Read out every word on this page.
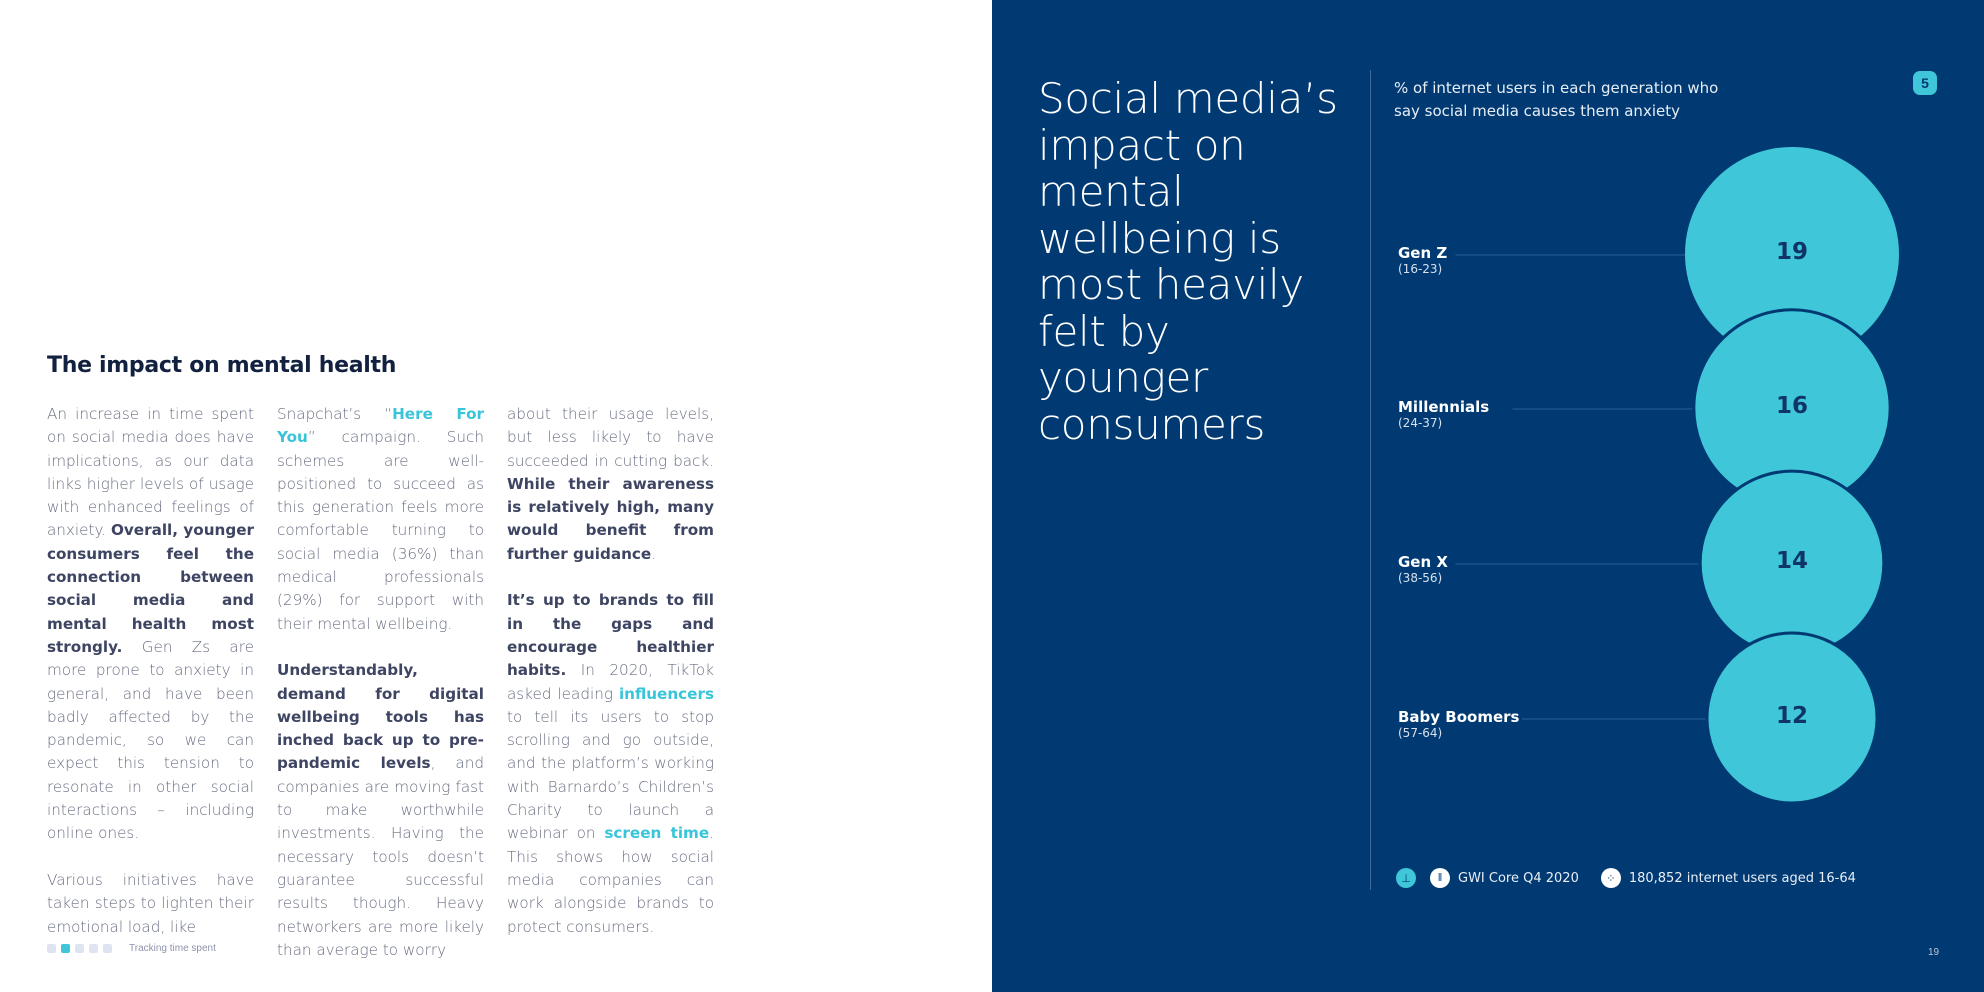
The impact on mental health

An increase in time spent on social media does have implications, as our data links higher levels of usage with enhanced feelings of anxiety. Overall, younger consumers feel the connection between social media and mental health most strongly. Gen Zs are more prone to anxiety in general, and have been badly affected by the pandemic, so we can expect this tension to resonate in other social interactions – including online ones.

Various initiatives have taken steps to lighten their emotional load, like

Snapchat’s “Here For You” campaign. Such schemes are well-positioned to succeed as this generation feels more comfortable turning to social media (36%) than medical professionals (29%) for support with their mental wellbeing.

Understandably, demand for digital wellbeing tools has inched back up to pre-pandemic levels, and companies are moving fast to make worthwhile investments. Having the necessary tools doesn’t guarantee successful results though. Heavy networkers are more likely than average to worry

about their usage levels, but less likely to have succeeded in cutting back. While their awareness is relatively high, many would benefit from further guidance.

It’s up to brands to fill in the gaps and encourage healthier habits. In 2020, TikTok asked leading influencers to tell its users to stop scrolling and go outside, and the platform’s working with Barnardo’s Children’s Charity to launch a webinar on screen time. This shows how social media companies can work alongside brands to protect consumers.

Tracking time spent
Social media’s impact on mental wellbeing is most heavily felt by younger consumers
% of internet users in each generation who say social media causes them anxiety
5
Gen Z
(16-23)
19
Millennials
(24-37)
16
Gen X
(38-56)
14
Baby Boomers
(57-64)
12
⊥	ǁ	GWI Core Q4 2020	⁘	180,852 internet users aged 16-64
19
